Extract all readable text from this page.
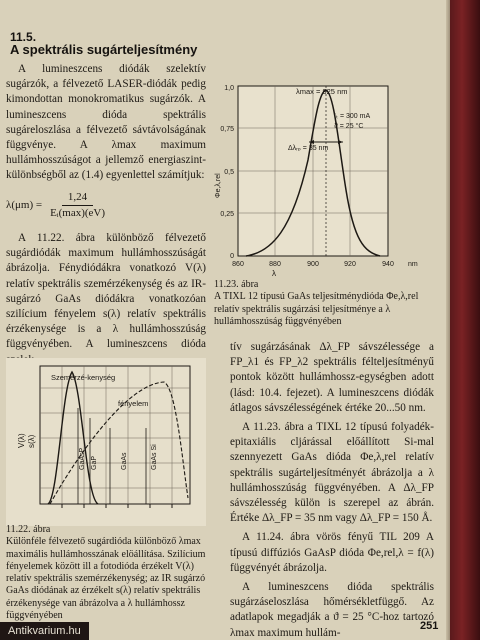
11.5.
A spektrális sugárteljesítmény

A lumineszcens diódák szelektív sugárzók, a félvezető LASER-diódák pedig kimondottan monokromatikus sugárzók. A lumineszcens dióda spektrális sugáreloszlása a félvezető sávtávolságának függvénye. A λmax maximum hullámhosszúságot a jellemző energiaszint-különbségből az (1.4) egyenlettel számítjuk:

$\lambda(\mu m) = \frac{1,24}{\text{Eᵢ(max)(eV)}}$

A 11.22. ábra különböző félvezető sugárdiódák maximum hullámhosszúságát ábrázolja. Fénydiódákra vonatkozó V(λ) relatív spektrális szemérzékenység és az IR-sugárzó GaAs diódákra vonatkozóan szilícium fényelem s(λ) relatív spektrális érzékenysége is a λ hullámhosszúság függvényében. A lumineszcens dióda

Szemérzé-kenység
fényelem
GaAsP GaP	GaAs	GaAs Si
V(λ) s(λ)
11.22. ábra
Különféle félvezető sugárdióda különböző λmax maximális hullámhosszának elöállítása. Szilícium fényelemek között ill a fotodióda érzékelt V(λ) relatív spektrális szemérzékenység; az IR sugárzó GaAs diódának az érzékelt s(λ) relatív spektrális érzékenysége van ábrázolva a λ hullámhossz függvényében
λmax = 925 nm
Iₜ = 300 mA
ϑ = 25 °C
Δλᵣₚ = 35 nm
1,0
0,75
0,5
0,25
0
860	880	900	920	940 nm
λ
Φe,λ,rel
11.23. ábra
A TIXL 12 típusú GaAs teljesítménydióda Φe,λ,rel relatív spektrális sugárzási teljesítménye a λ hullámhosszúság függvényében

tív sugárzásának Δλ_FP sávszélessége a FP_λ1 és FP_λ2 spektrális félteljesítményű pontok között hullámhossz-egységben adott (lásd: 10.4. fejezet). A lumineszcens diódák átlagos sávszélességének értéke 20...50 nm.

A 11.23. ábra a TIXL 12 típusú folyadék-epitaxiális cljárással előállított Si-mal szennyezett GaAs dióda Φe,λ,rel relatív spektrális sugárteljesítményét ábrázolja a λ hullámhosszúság függvényében. A Δλ_FP sávszélesség külön is szerepel az ábrán. Értéke Δλ_FP = 35 nm vagy Δλ_FP = 150 Å.

A 11.24. ábra vörös fényű TIL 209 A típusú diffúziós GaAsP dióda Φe,rel,λ = f(λ) függvényét ábrázolja.

A lumineszcens dióda spektrális sugárzáseloszlása hőmérsékletfüggő. Az adatlapok megadják a ϑ = 25 °C-hoz tartozó λmax maximum hullám-

251
Antikvarium.hu
